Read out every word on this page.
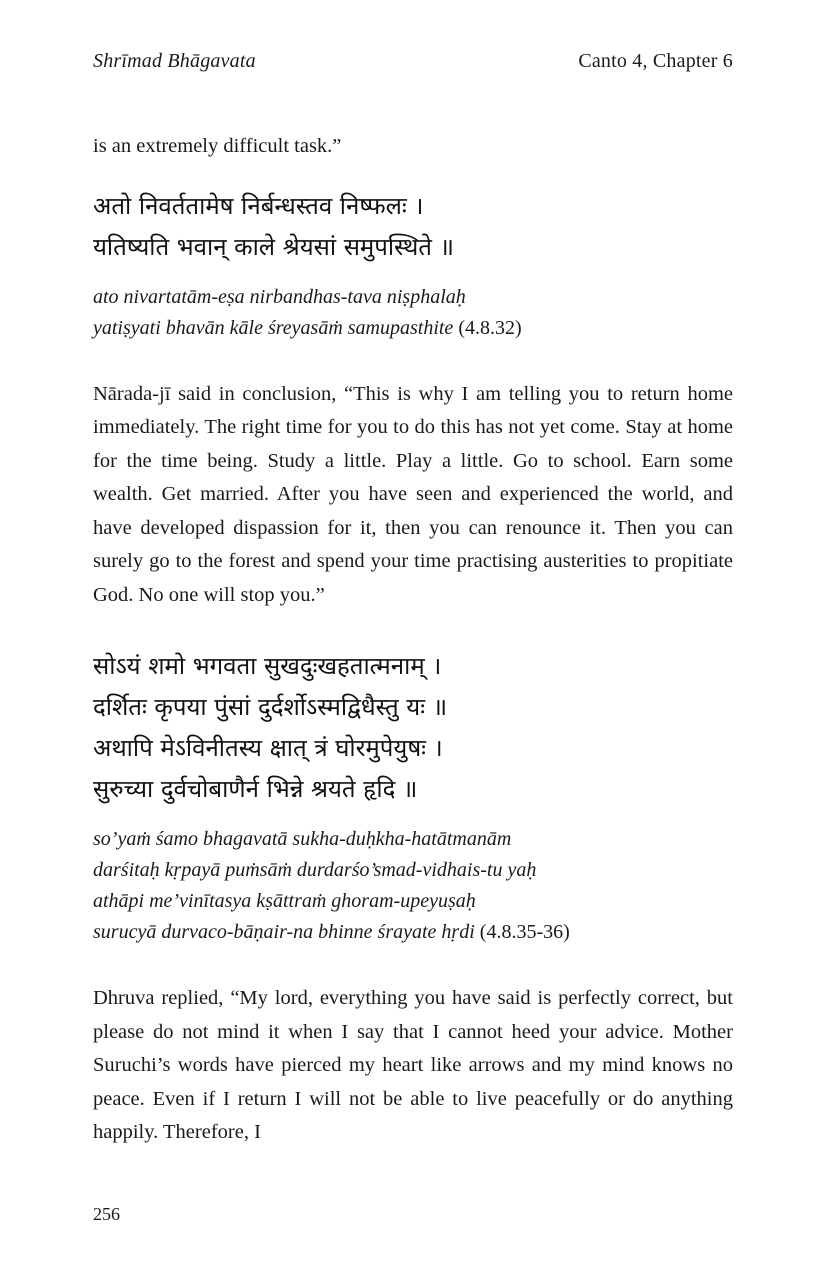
Shrīmad Bhāgavata	Canto 4, Chapter 6

is an extremely difficult task.”

अतो निवर्ततामेष निर्बन्धस्तव निष्फलः ।
यतिष्यति भवान् काले श्रेयसां समुपस्थिते ॥
ato nivartatām-eṣa nirbandhas-tava niṣphalaḥ
yatiṣyati bhavān kāle śreyasāṁ samupasthite (4.8.32)

Nārada-jī said in conclusion, “This is why I am telling you to return home immediately. The right time for you to do this has not yet come. Stay at home for the time being. Study a little. Play a little. Go to school. Earn some wealth. Get married. After you have seen and experienced the world, and have developed dispassion for it, then you can renounce it. Then you can surely go to the forest and spend your time practising austerities to propitiate God. No one will stop you.”

सोऽयं शमो भगवता सुखदुःखहतात्मनाम् ।
दर्शितः कृपया पुंसां दुर्दर्शोऽस्मद्विधैस्तु यः ॥
अथापि मेऽविनीतस्य क्षात् त्रं घोरमुपेयुषः ।
सुरुच्या दुर्वचोबाणैर्न भिन्ने श्रयते हृदि ॥
so’yaṁ śamo bhagavatā sukha-duḥkha-hatātmanām
darśitaḥ kṛpayā puṁsāṁ durdarśo’smad-vidhais-tu yaḥ
athāpi me’vinītasya kṣāttraṁ ghoram-upeyuṣaḥ
surucyā durvaco-bāṇair-na bhinne śrayate hṛdi (4.8.35-36)

Dhruva replied, “My lord, everything you have said is perfectly correct, but please do not mind it when I say that I cannot heed your advice. Mother Suruchi’s words have pierced my heart like arrows and my mind knows no peace. Even if I return I will not be able to live peacefully or do anything happily. Therefore, I

256
